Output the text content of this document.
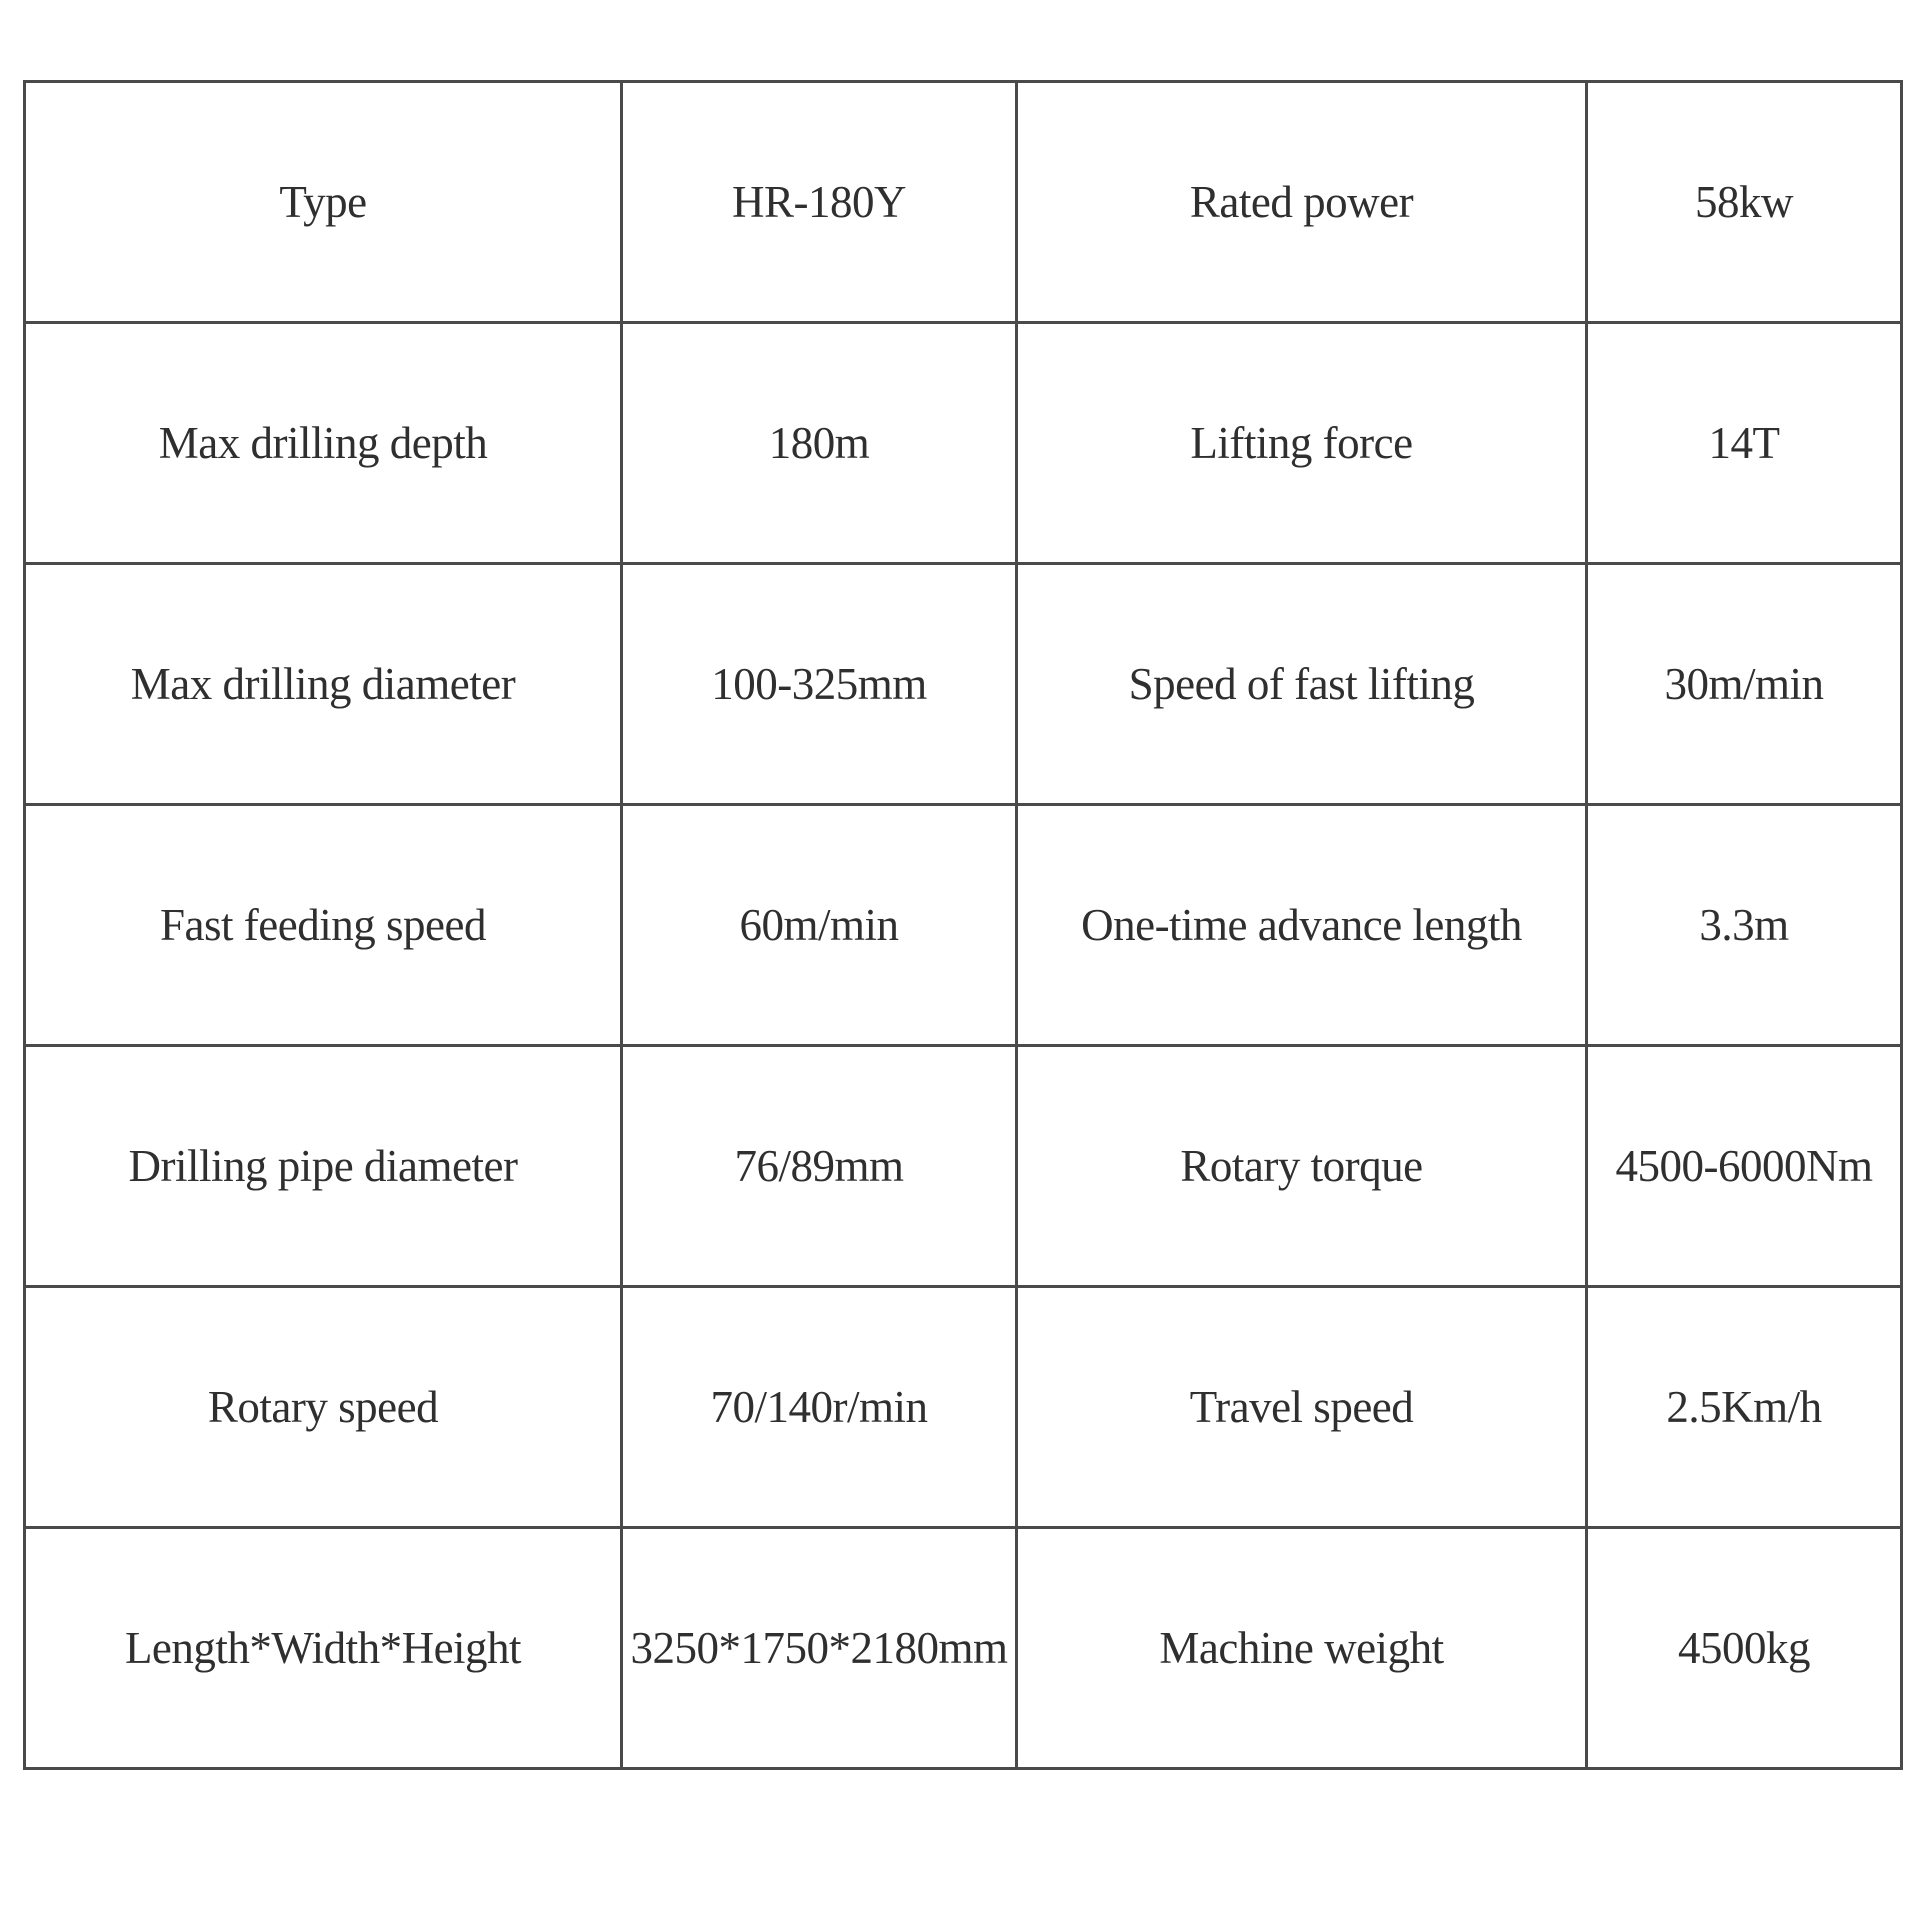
Type	HR-180Y	Rated power	58kw
Max drilling depth	180m	Lifting force	14T
Max drilling diameter	100-325mm	Speed of fast lifting	30m/min
Fast feeding speed	60m/min	One-time advance length	3.3m
Drilling pipe diameter	76/89mm	Rotary torque	4500-6000Nm
Rotary speed	70/140r/min	Travel speed	2.5Km/h
Length*Width*Height	3250*1750*2180mm	Machine weight	4500kg
